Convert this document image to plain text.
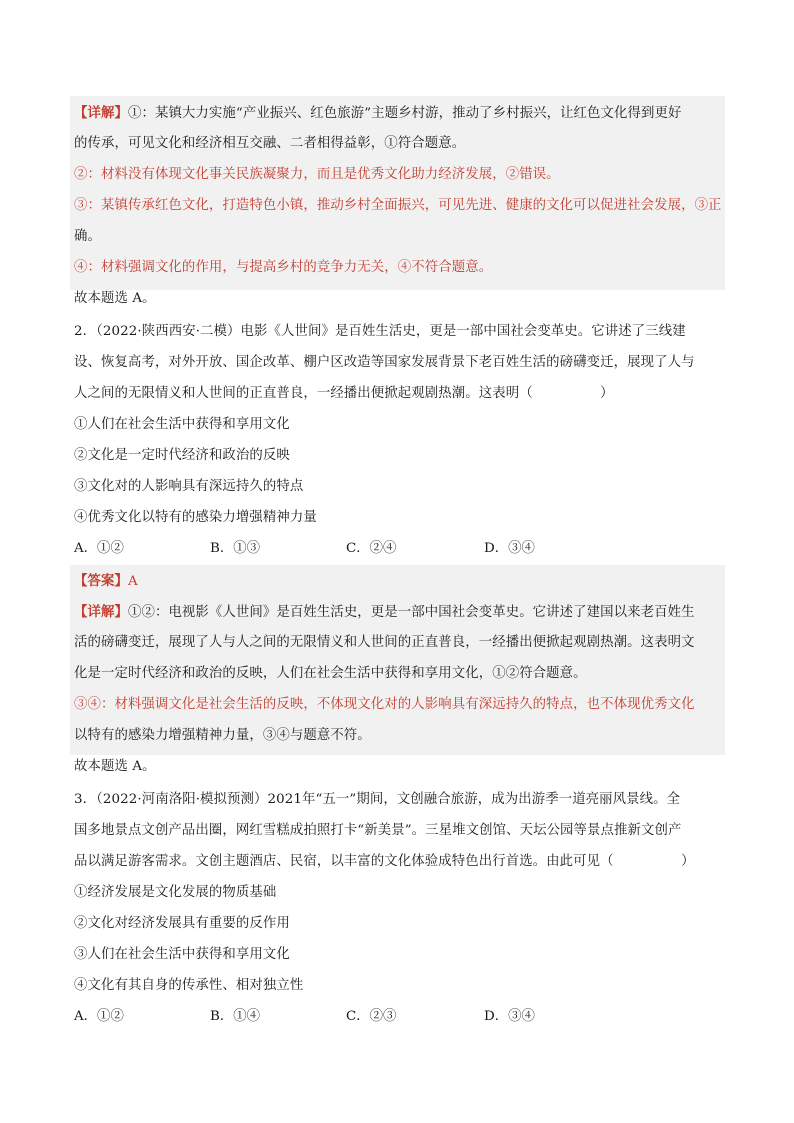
【详解】①：某镇大力实施“产业振兴、红色旅游”主题乡村游，推动了乡村振兴，让红色文化得到更好
的传承，可见文化和经济相互交融、二者相得益彰，①符合题意。
②：材料没有体现文化事关民族凝聚力，而且是优秀文化助力经济发展，②错误。
③：某镇传承红色文化，打造特色小镇，推动乡村全面振兴，可见先进、健康的文化可以促进社会发展，③正
确。
④：材料强调文化的作用，与提高乡村的竞争力无关，④不符合题意。
故本题选 A。
2．（2022·陕西西安·二模）电影《人世间》是百姓生活史，更是一部中国社会变革史。它讲述了三线建
设、恢复高考，对外开放、国企改革、棚户区改造等国家发展背景下老百姓生活的磅礴变迁，展现了人与
人之间的无限情义和人世间的正直普良，一经播出便掀起观剧热潮。这表明（　　　　　）
①人们在社会生活中获得和享用文化
②文化是一定时代经济和政治的反映
③文化对的人影响具有深远持久的特点
④优秀文化以特有的感染力增强精神力量
A．①②	B．①③	C．②④	D．③④
【答案】A
【详解】①②：电视影《人世间》是百姓生活史，更是一部中国社会变革史。它讲述了建国以来老百姓生
活的磅礴变迁，展现了人与人之间的无限情义和人世间的正直普良，一经播出便掀起观剧热潮。这表明文
化是一定时代经济和政治的反映，人们在社会生活中获得和享用文化，①②符合题意。
③④：材料强调文化是社会生活的反映，不体现文化对的人影响具有深远持久的特点，也不体现优秀文化
以特有的感染力增强精神力量，③④与题意不符。
故本题选 A。
3．（2022·河南洛阳·模拟预测）2021年“五一”期间，文创融合旅游，成为出游季一道亮丽风景线。全
国多地景点文创产品出圈，网红雪糕成拍照打卡“新美景”。三星堆文创馆、天坛公园等景点推新文创产
品以满足游客需求。文创主题酒店、民宿，以丰富的文化体验成特色出行首选。由此可见（　　　　　）
①经济发展是文化发展的物质基础
②文化对经济发展具有重要的反作用
③人们在社会生活中获得和享用文化
④文化有其自身的传承性、相对独立性
A．①②	B．①④	C．②③	D．③④
